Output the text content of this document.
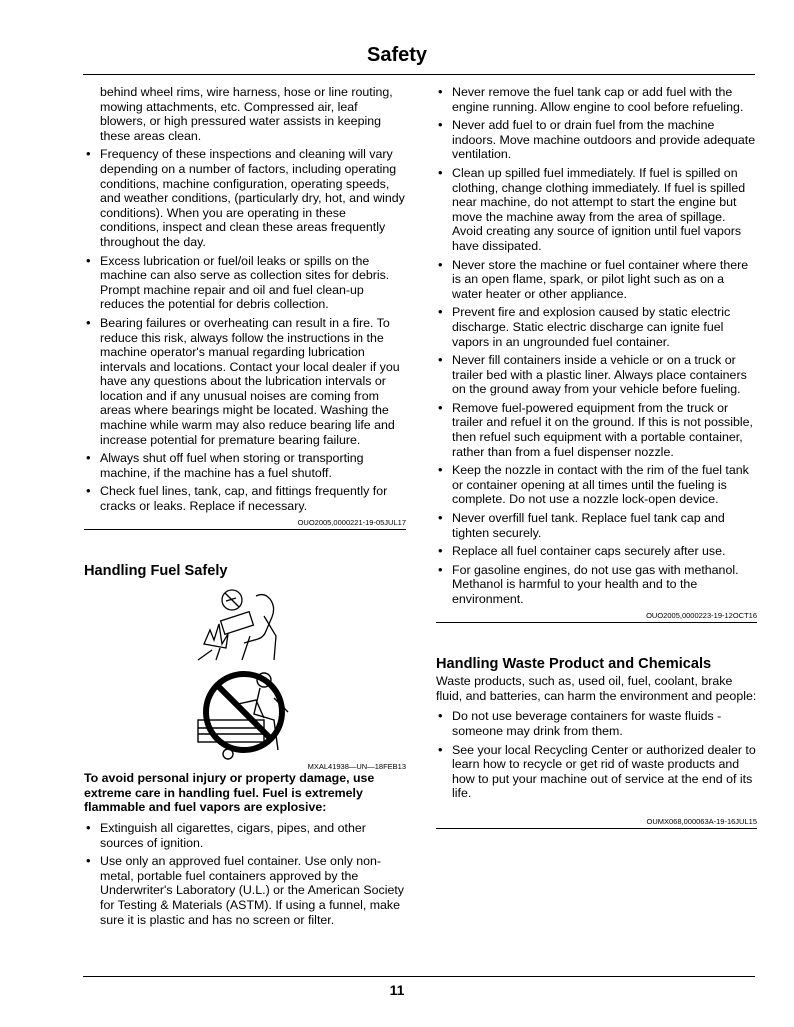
Safety

behind wheel rims, wire harness, hose or line routing, mowing attachments, etc. Compressed air, leaf blowers, or high pressured water assists in keeping these areas clean.

• Frequency of these inspections and cleaning will vary depending on a number of factors, including operating conditions, machine configuration, operating speeds, and weather conditions, (particularly dry, hot, and windy conditions). When you are operating in these conditions, inspect and clean these areas frequently throughout the day.
• Excess lubrication or fuel/oil leaks or spills on the machine can also serve as collection sites for debris. Prompt machine repair and oil and fuel clean-up reduces the potential for debris collection.
• Bearing failures or overheating can result in a fire. To reduce this risk, always follow the instructions in the machine operator's manual regarding lubrication intervals and locations. Contact your local dealer if you have any questions about the lubrication intervals or location and if any unusual noises are coming from areas where bearings might be located. Washing the machine while warm may also reduce bearing life and increase potential for premature bearing failure.
• Always shut off fuel when storing or transporting machine, if the machine has a fuel shutoff.
• Check fuel lines, tank, cap, and fittings frequently for cracks or leaks. Replace if necessary.
OUO2005,0000221-19-05JUL17
Handling Fuel Safely
MXAL41938—UN—18FEB13

To avoid personal injury or property damage, use extreme care in handling fuel. Fuel is extremely flammable and fuel vapors are explosive:

• Extinguish all cigarettes, cigars, pipes, and other sources of ignition.
• Use only an approved fuel container. Use only non-metal, portable fuel containers approved by the Underwriter's Laboratory (U.L.) or the American Society for Testing & Materials (ASTM). If using a funnel, make sure it is plastic and has no screen or filter.
• Never remove the fuel tank cap or add fuel with the engine running. Allow engine to cool before refueling.
• Never add fuel to or drain fuel from the machine indoors. Move machine outdoors and provide adequate ventilation.
• Clean up spilled fuel immediately. If fuel is spilled on clothing, change clothing immediately. If fuel is spilled near machine, do not attempt to start the engine but move the machine away from the area of spillage. Avoid creating any source of ignition until fuel vapors have dissipated.
• Never store the machine or fuel container where there is an open flame, spark, or pilot light such as on a water heater or other appliance.
• Prevent fire and explosion caused by static electric discharge. Static electric discharge can ignite fuel vapors in an ungrounded fuel container.
• Never fill containers inside a vehicle or on a truck or trailer bed with a plastic liner. Always place containers on the ground away from your vehicle before fueling.
• Remove fuel-powered equipment from the truck or trailer and refuel it on the ground. If this is not possible, then refuel such equipment with a portable container, rather than from a fuel dispenser nozzle.
• Keep the nozzle in contact with the rim of the fuel tank or container opening at all times until the fueling is complete. Do not use a nozzle lock-open device.
• Never overfill fuel tank. Replace fuel tank cap and tighten securely.
• Replace all fuel container caps securely after use.
• For gasoline engines, do not use gas with methanol. Methanol is harmful to your health and to the environment.
OUO2005,0000223-19-12OCT16
Handling Waste Product and Chemicals

Waste products, such as, used oil, fuel, coolant, brake fluid, and batteries, can harm the environment and people:

• Do not use beverage containers for waste fluids - someone may drink from them.
• See your local Recycling Center or authorized dealer to learn how to recycle or get rid of waste products and how to put your machine out of service at the end of its life.
OUMX068,000063A-19-16JUL15
11
